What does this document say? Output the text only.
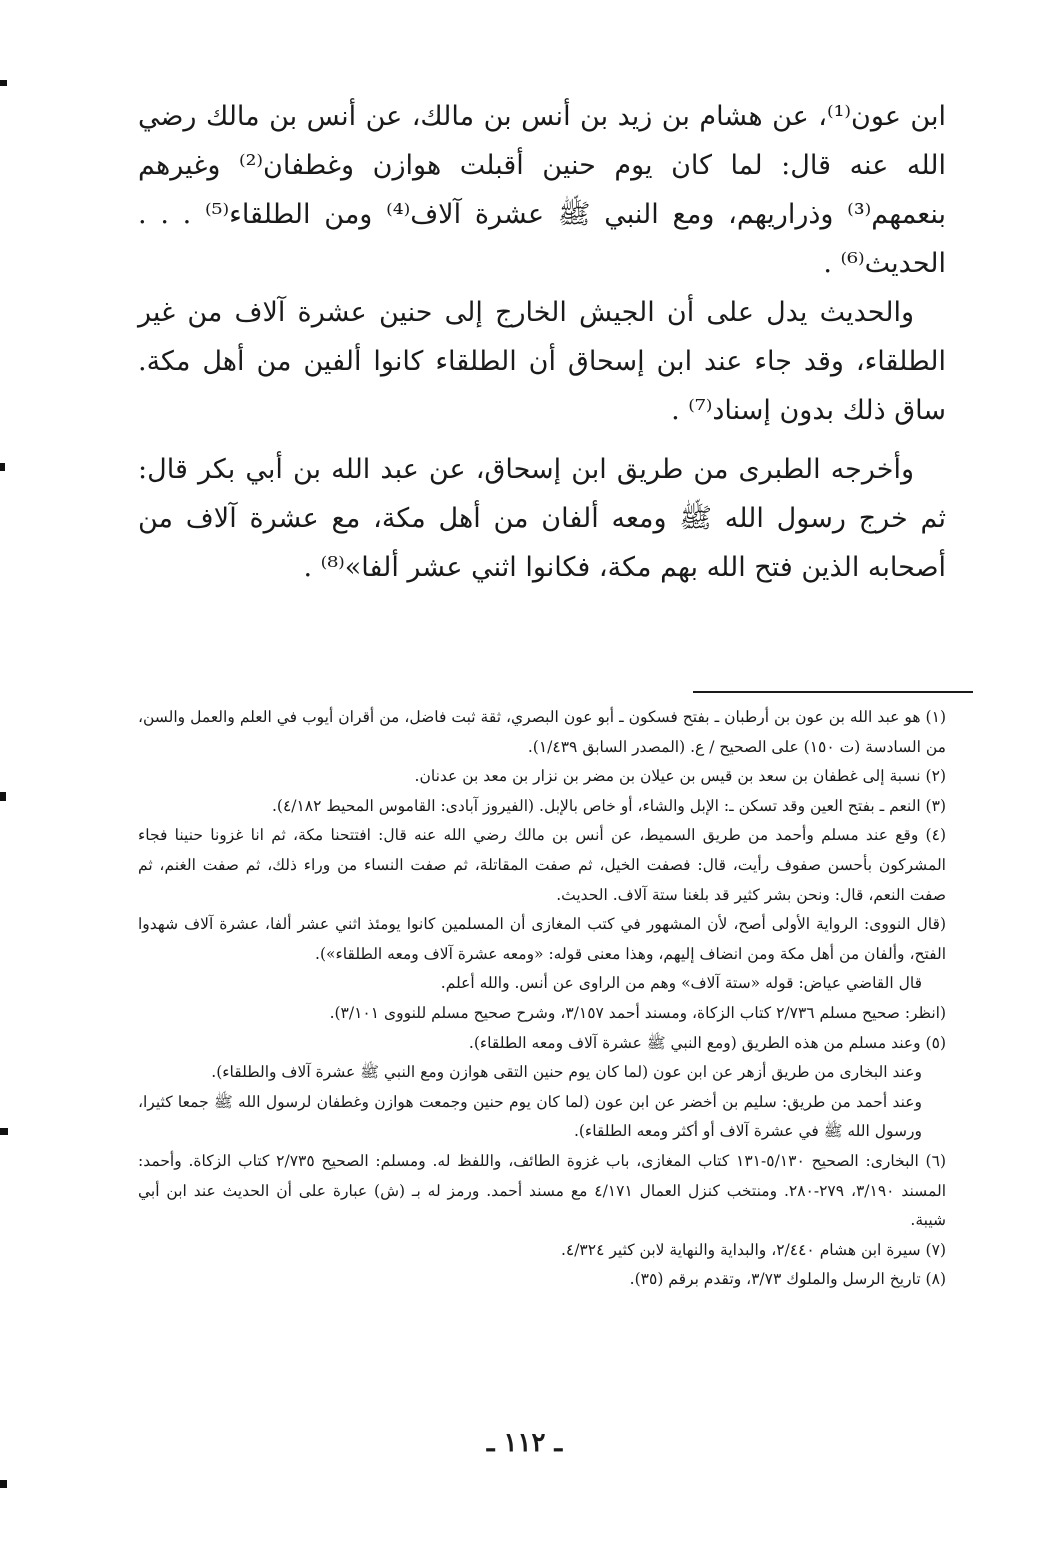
ابن عون⁽¹⁾، عن هشام بن زيد بن أنس بن مالك، عن أنس بن مالك رضي الله عنه قال: لما كان يوم حنين أقبلت هوازن وغطفان⁽²⁾ وغيرهم بنعمهم⁽³⁾ وذراريهم، ومع النبي ﷺ عشرة آلاف⁽⁴⁾ ومن الطلقاء⁽⁵⁾ . . . الحديث⁽⁶⁾ .

والحديث يدل على أن الجيش الخارج إلى حنين عشرة آلاف من غير الطلقاء، وقد جاء عند ابن إسحاق أن الطلقاء كانوا ألفين من أهل مكة. ساق ذلك بدون إسناد⁽⁷⁾ .

وأخرجه الطبرى من طريق ابن إسحاق، عن عبد الله بن أبي بكر قال: ثم خرج رسول الله ﷺ ومعه ألفان من أهل مكة، مع عشرة آلاف من أصحابه الذين فتح الله بهم مكة، فكانوا اثني عشر ألفا»⁽⁸⁾ .

(١) هو عبد الله بن عون بن أرطبان ـ بفتح فسكون ـ أبو عون البصري، ثقة ثبت فاضل، من أقران أيوب في العلم والعمل والسن، من السادسة (ت ١٥٠) على الصحيح / ع. (المصدر السابق ١/٤٣٩).

(٢) نسبة إلى غطفان بن سعد بن قيس بن عيلان بن مضر بن نزار بن معد بن عدنان.

(٣) النعم ـ بفتح العين وقد تسكن ـ: الإبل والشاء، أو خاص بالإبل. (الفيروز آبادى: القاموس المحيط ٤/١٨٢).

(٤) وقع عند مسلم وأحمد من طريق السميط، عن أنس بن مالك رضي الله عنه قال: افتتحنا مكة، ثم انا غزونا حنينا فجاء المشركون بأحسن صفوف رأيت، قال: فصفت الخيل، ثم صفت المقاتلة، ثم صفت النساء من وراء ذلك، ثم صفت الغنم، ثم صفت النعم، قال: ونحن بشر كثير قد بلغنا ستة آلاف. الحديث.

(قال النووى: الرواية الأولى أصح، لأن المشهور في كتب المغازى أن المسلمين كانوا يومئذ اثني عشر ألفا، عشرة آلاف شهدوا الفتح، وألفان من أهل مكة ومن انضاف إليهم، وهذا معنى قوله: «ومعه عشرة آلاف ومعه الطلقاء»).

قال القاضي عياض: قوله «ستة آلاف» وهم من الراوى عن أنس. والله أعلم.

(انظر: صحيح مسلم ٢/٧٣٦ كتاب الزكاة، ومسند أحمد ٣/١٥٧، وشرح صحيح مسلم للنووى ٣/١٠١).

(٥) وعند مسلم من هذه الطريق (ومع النبي ﷺ عشرة آلاف ومعه الطلقاء).

وعند البخارى من طريق أزهر عن ابن عون (لما كان يوم حنين التقى هوازن ومع النبي ﷺ عشرة آلاف والطلقاء).

وعند أحمد من طريق: سليم بن أخضر عن ابن عون (لما كان يوم حنين وجمعت هوازن وغطفان لرسول الله ﷺ جمعا كثيرا، ورسول الله ﷺ في عشرة آلاف أو أكثر ومعه الطلقاء).

(٦) البخارى: الصحيح ٥/١٣٠-١٣١ كتاب المغازى، باب غزوة الطائف، واللفظ له. ومسلم: الصحيح ٢/٧٣٥ كتاب الزكاة. وأحمد: المسند ٣/١٩٠، ٢٧٩-٢٨٠. ومنتخب كنزل العمال ٤/١٧١ مع مسند أحمد. ورمز له بـ (ش) عبارة على أن الحديث عند ابن أبي شيبة.

(٧) سيرة ابن هشام ٢/٤٤٠، والبداية والنهاية لابن كثير ٤/٣٢٤.

(٨) تاريخ الرسل والملوك ٣/٧٣، وتقدم برقم (٣٥).

ـ ١١٢ ـ
